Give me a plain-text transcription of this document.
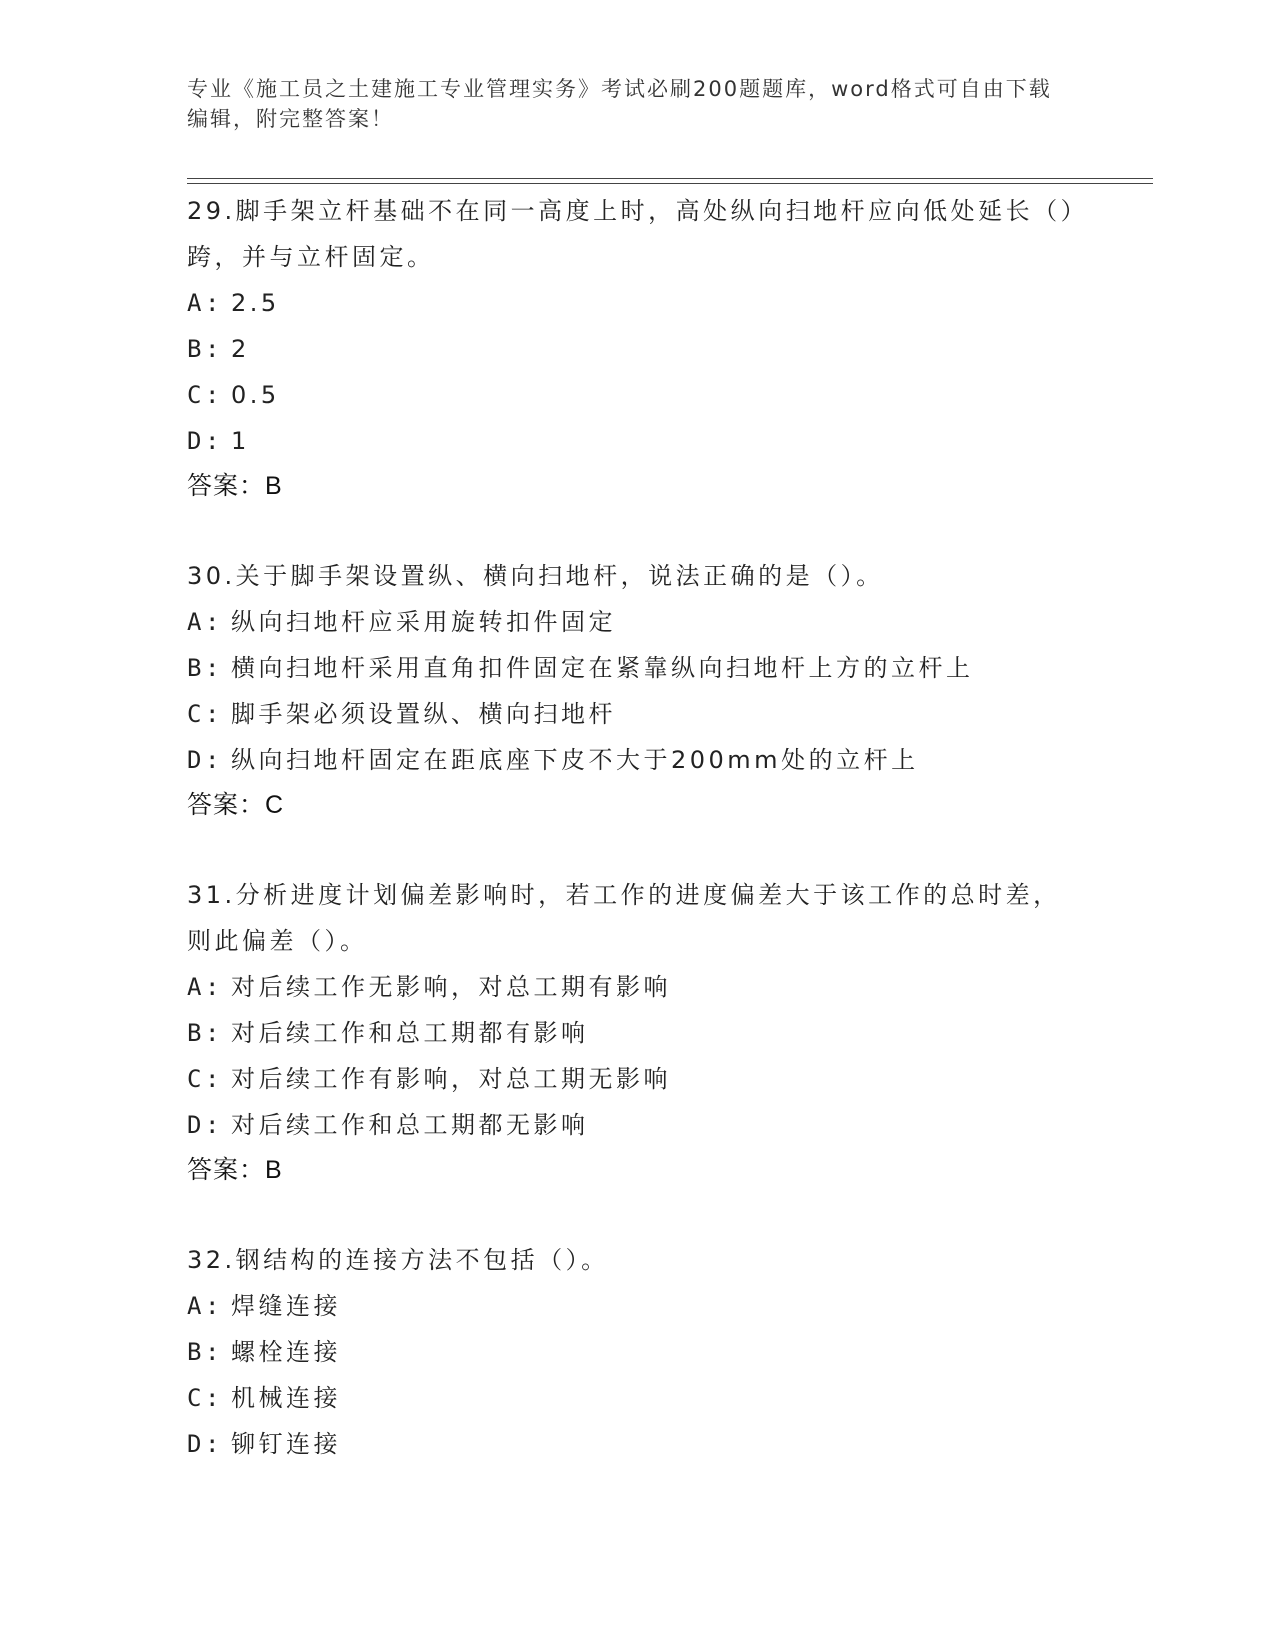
专业《施工员之土建施工专业管理实务》考试必刷200题题库，word格式可自由下载编辑，附完整答案！

29.脚手架立杆基础不在同一高度上时，高处纵向扫地杆应向低处延长（）跨，并与立杆固定。

A: 2.5
B: 2
C: 0.5
D: 1
答案：B

30.关于脚手架设置纵、横向扫地杆，说法正确的是（）。

A: 纵向扫地杆应采用旋转扣件固定
B: 横向扫地杆采用直角扣件固定在紧靠纵向扫地杆上方的立杆上
C: 脚手架必须设置纵、横向扫地杆
D: 纵向扫地杆固定在距底座下皮不大于200mm处的立杆上
答案：C

31.分析进度计划偏差影响时，若工作的进度偏差大于该工作的总时差，则此偏差（）。

A: 对后续工作无影响，对总工期有影响
B: 对后续工作和总工期都有影响
C: 对后续工作有影响，对总工期无影响
D: 对后续工作和总工期都无影响
答案：B

32.钢结构的连接方法不包括（）。

A: 焊缝连接
B: 螺栓连接
C: 机械连接
D: 铆钉连接
